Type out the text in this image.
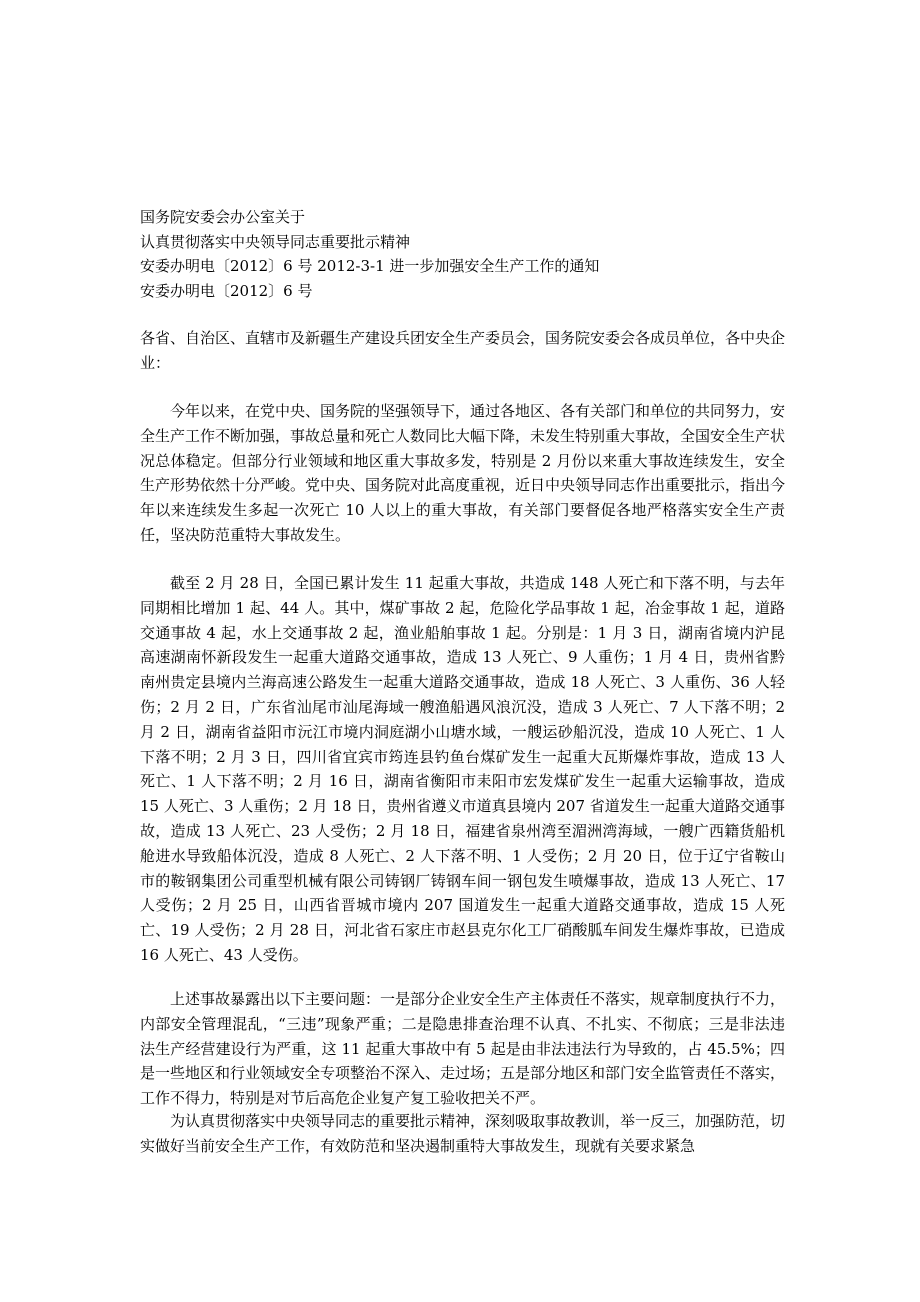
国务院安委会办公室关于
认真贯彻落实中央领导同志重要批示精神
安委办明电〔2012〕6 号 2012-3-1 进一步加强安全生产工作的通知
安委办明电〔2012〕6 号
各省、自治区、直辖市及新疆生产建设兵团安全生产委员会，国务院安委会各成员单位，各中央企业：
今年以来，在党中央、国务院的坚强领导下，通过各地区、各有关部门和单位的共同努力，安全生产工作不断加强，事故总量和死亡人数同比大幅下降，未发生特别重大事故，全国安全生产状况总体稳定。但部分行业领域和地区重大事故多发，特别是 2 月份以来重大事故连续发生，安全生产形势依然十分严峻。党中央、国务院对此高度重视，近日中央领导同志作出重要批示，指出今年以来连续发生多起一次死亡 10 人以上的重大事故，有关部门要督促各地严格落实安全生产责任，坚决防范重特大事故发生。
截至 2 月 28 日，全国已累计发生 11 起重大事故，共造成 148 人死亡和下落不明，与去年同期相比增加 1 起、44 人。其中，煤矿事故 2 起，危险化学品事故 1 起，冶金事故 1 起，道路交通事故 4 起，水上交通事故 2 起，渔业船舶事故 1 起。分别是：1 月 3 日，湖南省境内沪昆高速湖南怀新段发生一起重大道路交通事故，造成 13 人死亡、9 人重伤；1 月 4 日，贵州省黔南州贵定县境内兰海高速公路发生一起重大道路交通事故，造成 18 人死亡、3 人重伤、36 人轻伤；2 月 2 日，广东省汕尾市汕尾海域一艘渔船遇风浪沉没，造成 3 人死亡、7 人下落不明；2 月 2 日，湖南省益阳市沅江市境内洞庭湖小山塘水域，一艘运砂船沉没，造成 10 人死亡、1 人下落不明；2 月 3 日，四川省宜宾市筠连县钓鱼台煤矿发生一起重大瓦斯爆炸事故，造成 13 人死亡、1 人下落不明；2 月 16 日，湖南省衡阳市耒阳市宏发煤矿发生一起重大运输事故，造成 15 人死亡、3 人重伤；2 月 18 日，贵州省遵义市道真县境内 207 省道发生一起重大道路交通事故，造成 13 人死亡、23 人受伤；2 月 18 日，福建省泉州湾至湄洲湾海域，一艘广西籍货船机舱进水导致船体沉没，造成 8 人死亡、2 人下落不明、1 人受伤；2 月 20 日，位于辽宁省鞍山市的鞍钢集团公司重型机械有限公司铸钢厂铸钢车间一钢包发生喷爆事故，造成 13 人死亡、17 人受伤；2 月 25 日，山西省晋城市境内 207 国道发生一起重大道路交通事故，造成 15 人死亡、19 人受伤；2 月 28 日，河北省石家庄市赵县克尔化工厂硝酸胍车间发生爆炸事故，已造成 16 人死亡、43 人受伤。
上述事故暴露出以下主要问题：一是部分企业安全生产主体责任不落实，规章制度执行不力，内部安全管理混乱，“三违”现象严重；二是隐患排查治理不认真、不扎实、不彻底；三是非法违法生产经营建设行为严重，这 11 起重大事故中有 5 起是由非法违法行为导致的，占 45.5%；四是一些地区和行业领域安全专项整治不深入、走过场；五是部分地区和部门安全监管责任不落实，工作不得力，特别是对节后高危企业复产复工验收把关不严。
为认真贯彻落实中央领导同志的重要批示精神，深刻吸取事故教训，举一反三，加强防范，切实做好当前安全生产工作，有效防范和坚决遏制重特大事故发生，现就有关要求紧急
